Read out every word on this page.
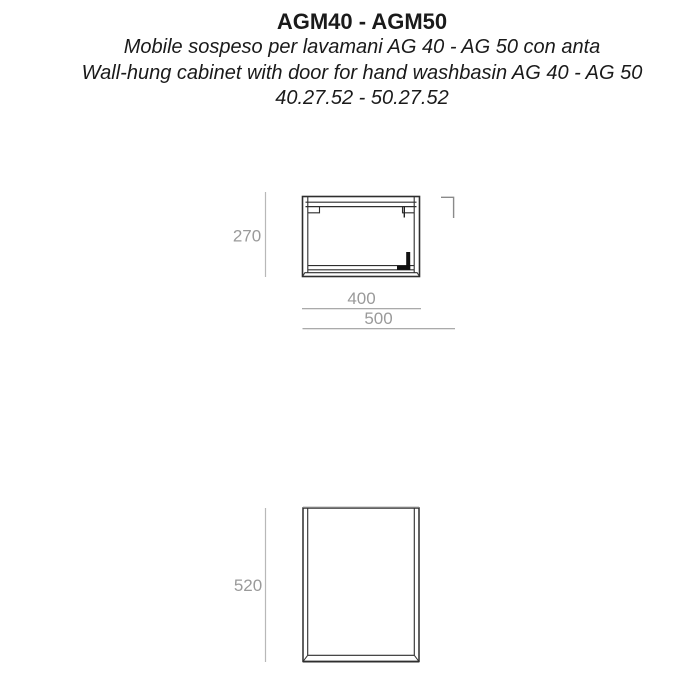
AGM40 - AGM50
Mobile sospeso per lavamani AG 40 - AG 50 con anta
Wall-hung cabinet with door for hand washbasin AG 40 - AG 50
40.27.52 - 50.27.52
270
400
500
520
